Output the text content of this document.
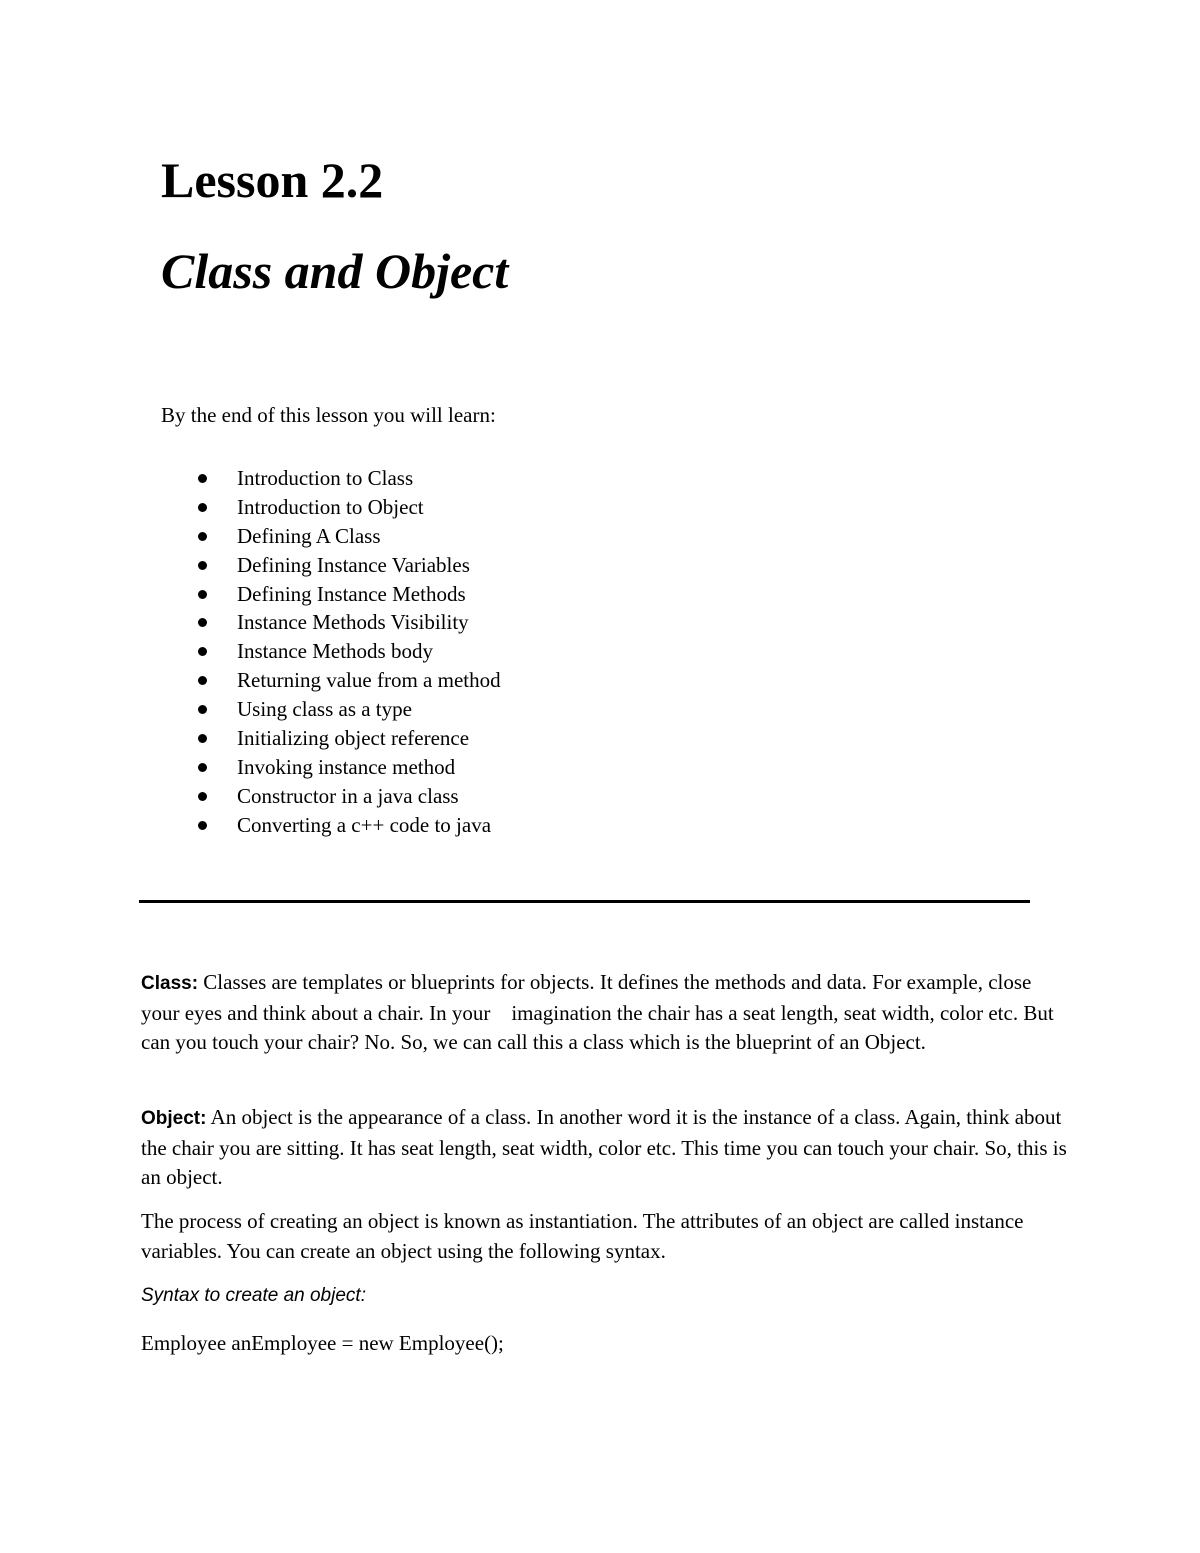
Lesson 2.2
Class and Object

By the end of this lesson you will learn:

Introduction to Class
Introduction to Object
Defining A Class
Defining Instance Variables
Defining Instance Methods
Instance Methods Visibility
Instance Methods body
Returning value from a method
Using class as a type
Initializing object reference
Invoking instance method
Constructor in a java class
Converting a c++ code to java

Class: Classes are templates or blueprints for objects. It defines the methods and data. For example, close your eyes and think about a chair. In your    imagination the chair has a seat length, seat width, color etc. But can you touch your chair? No. So, we can call this a class which is the blueprint of an Object.

Object: An object is the appearance of a class. In another word it is the instance of a class. Again, think about the chair you are sitting. It has seat length, seat width, color etc. This time you can touch your chair. So, this is an object.

The process of creating an object is known as instantiation. The attributes of an object are called instance variables. You can create an object using the following syntax.

Syntax to create an object:

Employee anEmployee = new Employee();
